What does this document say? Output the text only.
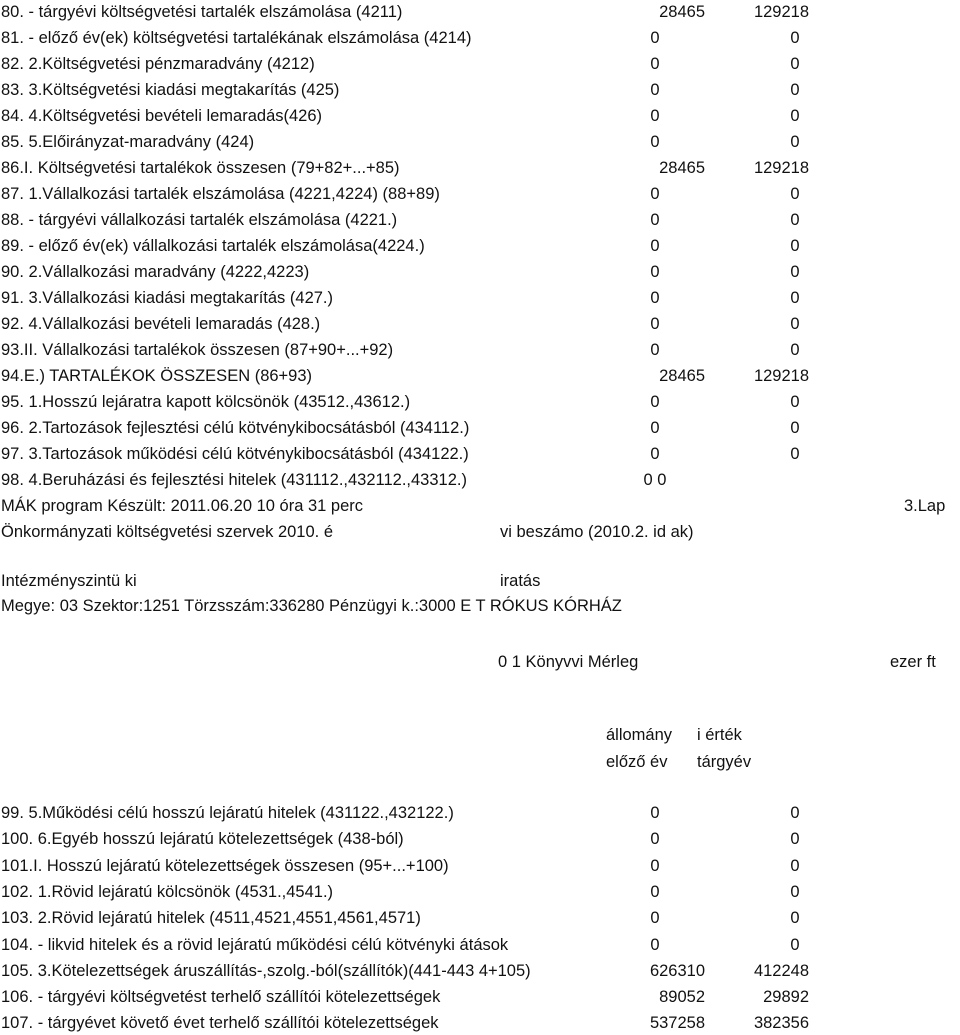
80. - tárgyévi költségvetési tartalék elszámolása (4211)	28465	129218
81. - előző év(ek) költségvetési tartalékának elszámolása (4214)	0	0
82. 2.Költségvetési pénzmaradvány (4212)	0	0
83. 3.Költségvetési kiadási megtakarítás (425)	0	0
84. 4.Költségvetési bevételi lemaradás(426)	0	0
85. 5.Előirányzat-maradvány (424)	0	0
86.I. Költségvetési tartalékok összesen (79+82+...+85)	28465	129218
87. 1.Vállalkozási tartalék elszámolása (4221,4224) (88+89)	0	0
88. - tárgyévi vállalkozási tartalék elszámolása (4221.)	0	0
89. - előző év(ek) vállalkozási tartalék elszámolása(4224.)	0	0
90. 2.Vállalkozási maradvány (4222,4223)	0	0
91. 3.Vállalkozási kiadási megtakarítás (427.)	0	0
92. 4.Vállalkozási bevételi lemaradás (428.)	0	0
93.II. Vállalkozási tartalékok összesen (87+90+...+92)	0	0
94.E.) TARTALÉKOK ÖSSZESEN (86+93)	28465	129218
95. 1.Hosszú lejáratra kapott kölcsönök (43512.,43612.)	0	0
96. 2.Tartozások fejlesztési célú kötvénykibocsátásból (434112.)	0	0
97. 3.Tartozások működési célú kötvénykibocsátásból (434122.)	0	0
98. 4.Beruházási és fejlesztési hitelek (431112.,432112.,43312.)	0 0
MÁK program Készült: 2011.06.20 10 óra 31 perc	3.Lap
Önkormányzati költségvetési szervek 2010. é	vi beszámo (2010.2. id ak)
Intézményszintü ki	iratás
Megye: 03 Szektor:1251 Törzsszám:336280 Pénzügyi k.:3000 E T RÓKUS KÓRHÁZ
0 1 Könyvvi Mérleg	ezer ft
állomány i érték
előző év tárgyév
99. 5.Működési célú hosszú lejáratú hitelek (431122.,432122.)	0	0
100. 6.Egyéb hosszú lejáratú kötelezettségek (438-ból)	0	0
101.I. Hosszú lejáratú kötelezettségek összesen (95+...+100)	0	0
102. 1.Rövid lejáratú kölcsönök (4531.,4541.)	0	0
103. 2.Rövid lejáratú hitelek (4511,4521,4551,4561,4571)	0	0
104. - likvid hitelek és a rövid lejáratú működési célú kötvényki átások	0	0
105. 3.Kötelezettségek áruszállítás-,szolg.-ból(szállítók)(441-443 4+105)	626310	412248
106. - tárgyévi költségvetést terhelő szállítói kötelezettségek	89052	29892
107. - tárgyévet követő évet terhelő szállítói kötelezettségek	537258	382356
